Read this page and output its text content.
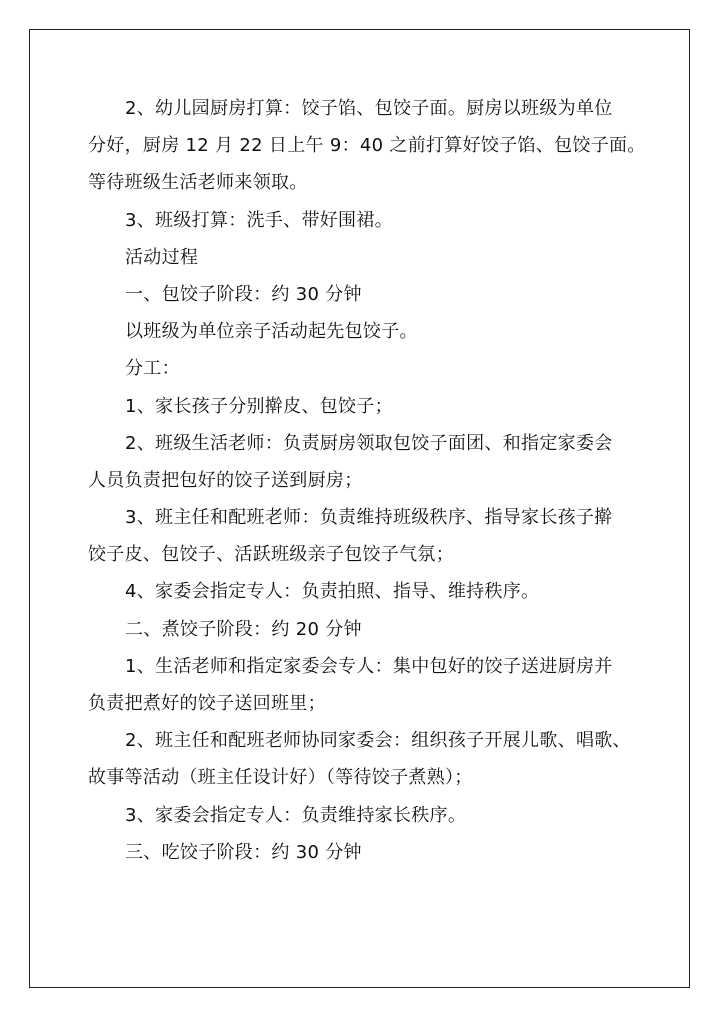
2、幼儿园厨房打算：饺子馅、包饺子面。厨房以班级为单位
分好，厨房 12 月 22 日上午 9：40 之前打算好饺子馅、包饺子面。
等待班级生活老师来领取。
3、班级打算：洗手、带好围裙。
活动过程
一、包饺子阶段：约 30 分钟
以班级为单位亲子活动起先包饺子。
分工：
1、家长孩子分别擀皮、包饺子；
2、班级生活老师：负责厨房领取包饺子面团、和指定家委会
人员负责把包好的饺子送到厨房；
3、班主任和配班老师：负责维持班级秩序、指导家长孩子擀
饺子皮、包饺子、活跃班级亲子包饺子气氛；
4、家委会指定专人：负责拍照、指导、维持秩序。
二、煮饺子阶段：约 20 分钟
1、生活老师和指定家委会专人：集中包好的饺子送进厨房并
负责把煮好的饺子送回班里；
2、班主任和配班老师协同家委会：组织孩子开展儿歌、唱歌、
故事等活动（班主任设计好）（等待饺子煮熟）；
3、家委会指定专人：负责维持家长秩序。
三、吃饺子阶段：约 30 分钟
